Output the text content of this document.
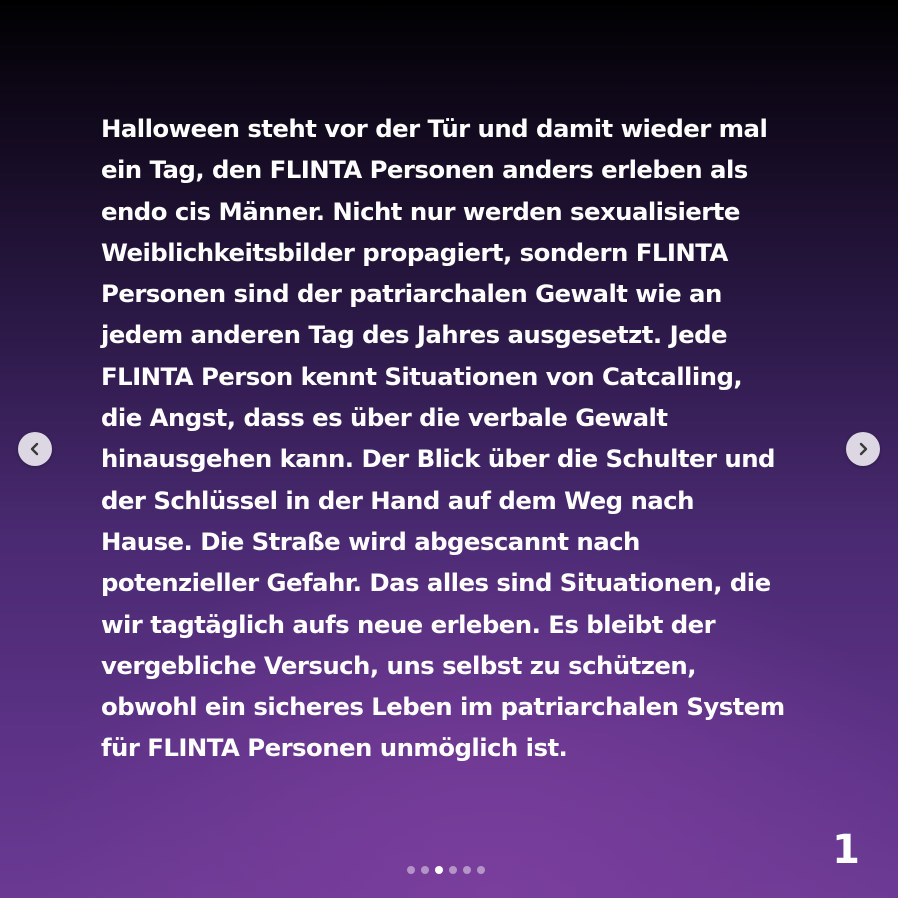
Halloween steht vor der Tür und damit wieder mal
ein Tag, den FLINTA Personen anders erleben als
endo cis Männer. Nicht nur werden sexualisierte
Weiblichkeitsbilder propagiert, sondern FLINTA
Personen sind der patriarchalen Gewalt wie an
jedem anderen Tag des Jahres ausgesetzt. Jede
FLINTA Person kennt Situationen von Catcalling,
die Angst, dass es über die verbale Gewalt
hinausgehen kann. Der Blick über die Schulter und
der Schlüssel in der Hand auf dem Weg nach
Hause. Die Straße wird abgescannt nach
potenzieller Gefahr. Das alles sind Situationen, die
wir tagtäglich aufs neue erleben. Es bleibt der
vergebliche Versuch, uns selbst zu schützen,
obwohl ein sicheres Leben im patriarchalen System
für FLINTA Personen unmöglich ist.

1
